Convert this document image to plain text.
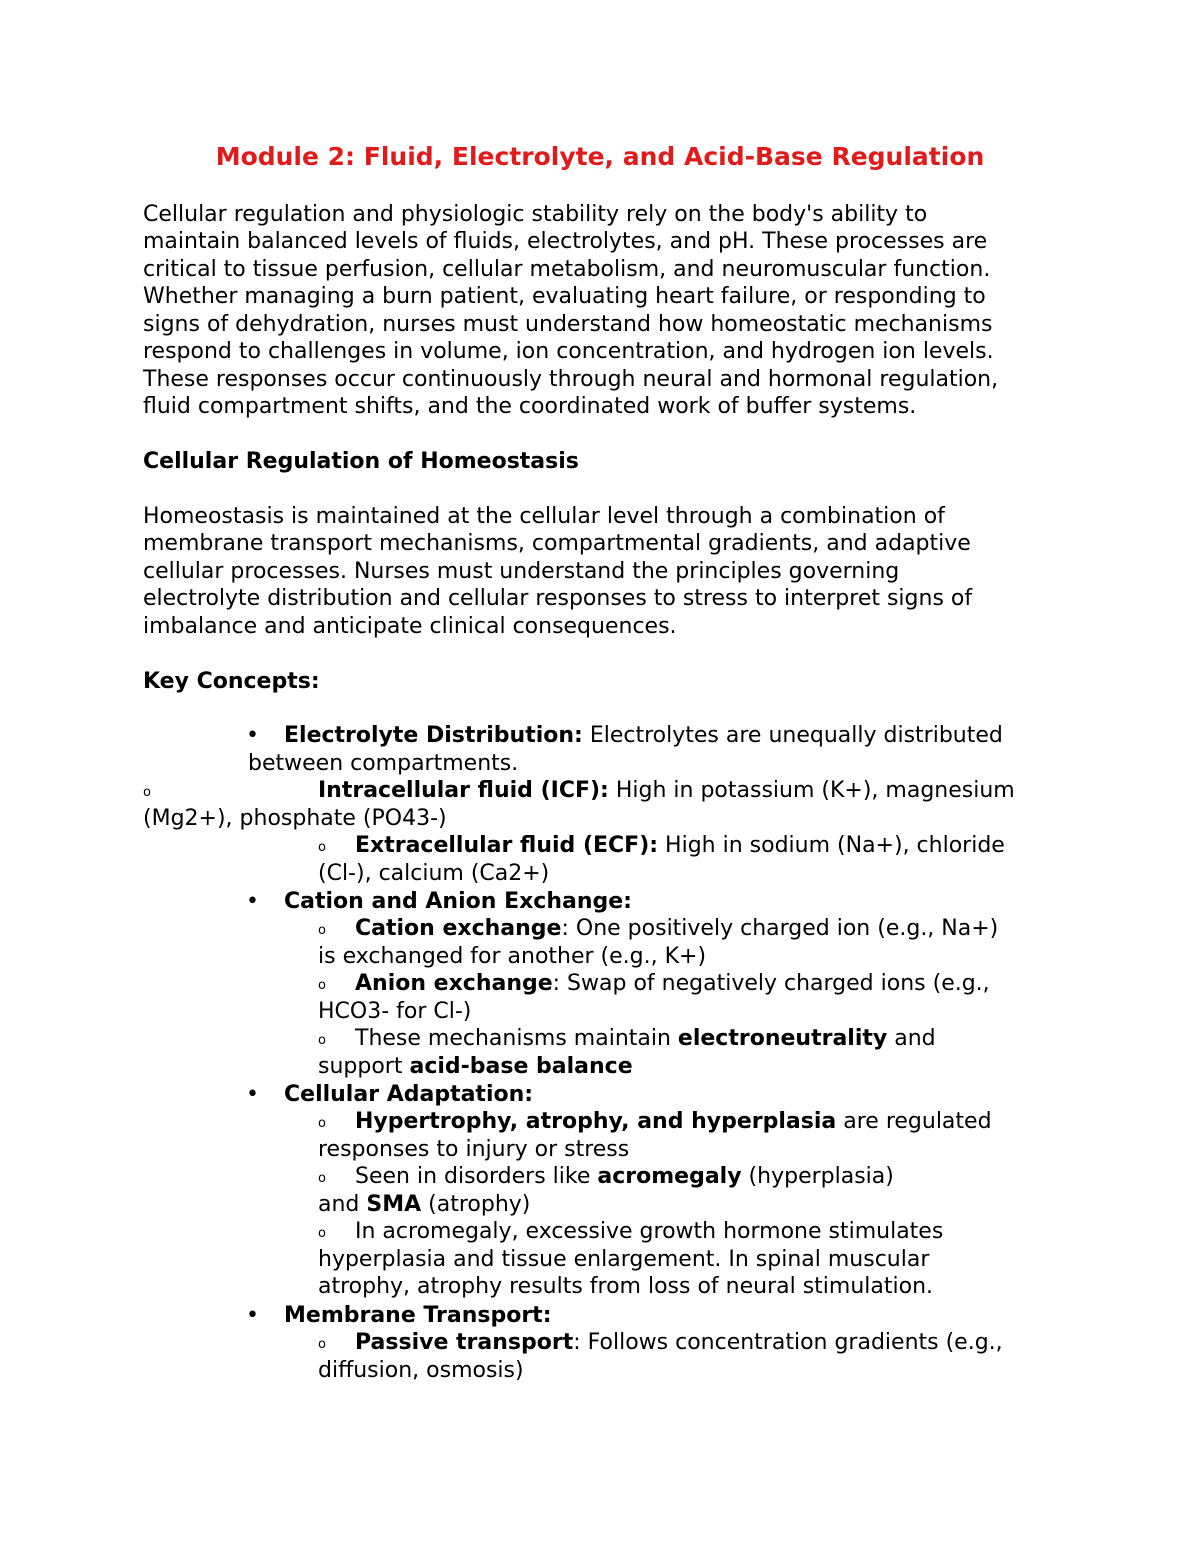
Module 2: Fluid, Electrolyte, and Acid-Base Regulation
Cellular regulation and physiologic stability rely on the body's ability to
maintain balanced levels of fluids, electrolytes, and pH. These processes are
critical to tissue perfusion, cellular metabolism, and neuromuscular function.
Whether managing a burn patient, evaluating heart failure, or responding to
signs of dehydration, nurses must understand how homeostatic mechanisms
respond to challenges in volume, ion concentration, and hydrogen ion levels.
These responses occur continuously through neural and hormonal regulation,
fluid compartment shifts, and the coordinated work of buffer systems.
Cellular Regulation of Homeostasis
Homeostasis is maintained at the cellular level through a combination of
membrane transport mechanisms, compartmental gradients, and adaptive
cellular processes. Nurses must understand the principles governing
electrolyte distribution and cellular responses to stress to interpret signs of
imbalance and anticipate clinical consequences.
Key Concepts:
• Electrolyte Distribution: Electrolytes are unequally distributed
between compartments.
o	Intracellular fluid (ICF): High in potassium (K+), magnesium
(Mg2+), phosphate (PO43-)
o Extracellular fluid (ECF): High in sodium (Na+), chloride
(Cl-), calcium (Ca2+)
• Cation and Anion Exchange:
o Cation exchange: One positively charged ion (e.g., Na+)
is exchanged for another (e.g., K+)
o Anion exchange: Swap of negatively charged ions (e.g.,
HCO3- for Cl-)
o These mechanisms maintain electroneutrality and
support acid-base balance
• Cellular Adaptation:
o Hypertrophy, atrophy, and hyperplasia are regulated
responses to injury or stress
o Seen in disorders like acromegaly (hyperplasia)
and SMA (atrophy)
o In acromegaly, excessive growth hormone stimulates
hyperplasia and tissue enlargement. In spinal muscular
atrophy, atrophy results from loss of neural stimulation.
• Membrane Transport:
o Passive transport: Follows concentration gradients (e.g.,
diffusion, osmosis)
